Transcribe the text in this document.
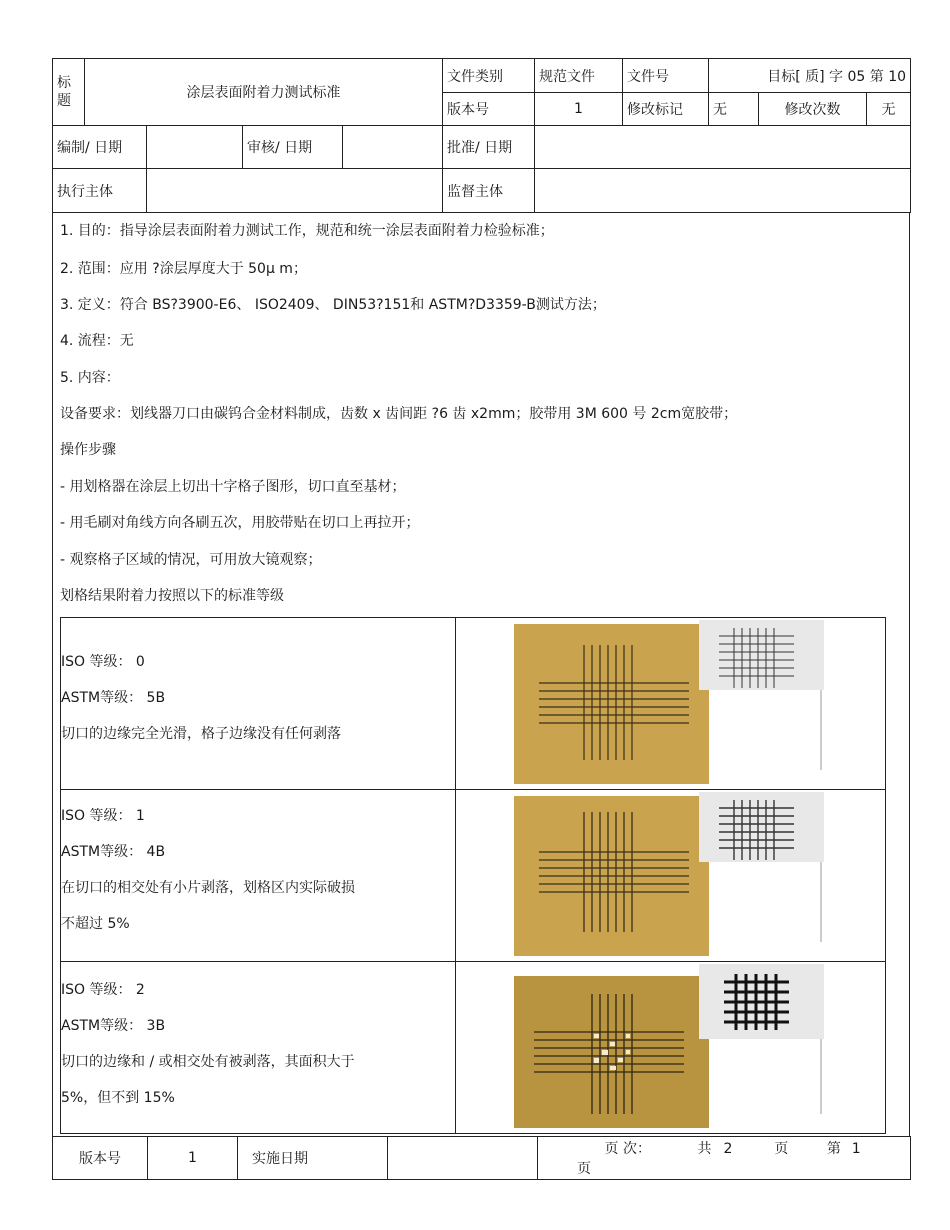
标
题	涂层表面附着力测试标准				文件类别	规范文件	文件号	目标[ 质] 字 05 第 10		
					版本号	1	修改标记	无	修改次数	无
编制/ 日期			审核/ 日期		批准/ 日期					
执行主体					监督主体					
1. 目的：指导涂层表面附着力测试工作，规范和统一涂层表面附着力检验标准；
2. 范围：应用 ?涂层厚度大于 50μ m；
3. 定义：符合 BS?3900-E6、 ISO2409、 DIN53?151和 ASTM?D3359-B测试方法；
4. 流程：无
5. 内容：
设备要求：划线器刀口由碳钨合金材料制成，齿数 x 齿间距 ?6 齿 x2mm；胶带用 3M 600 号 2cm宽胶带；
操作步骤
- 用划格器在涂层上切出十字格子图形，切口直至基材；
- 用毛刷对角线方向各刷五次，用胶带贴在切口上再拉开；
- 观察格子区域的情况，可用放大镜观察；
划格结果附着力按照以下的标准等级
ISO 等级： 0
ASTM等级： 5B
切口的边缘完全光滑，格子边缘没有任何剥落

ISO 等级： 1
ASTM等级： 4B
在切口的相交处有小片剥落，划格区内实际破损
不超过 5%

ISO 等级： 2
ASTM等级： 3B
切口的边缘和 / 或相交处有被剥落，其面积大于
5%，但不到 15%

版本号	1	实施日期		页 次：	共 2	页	第 1 页
